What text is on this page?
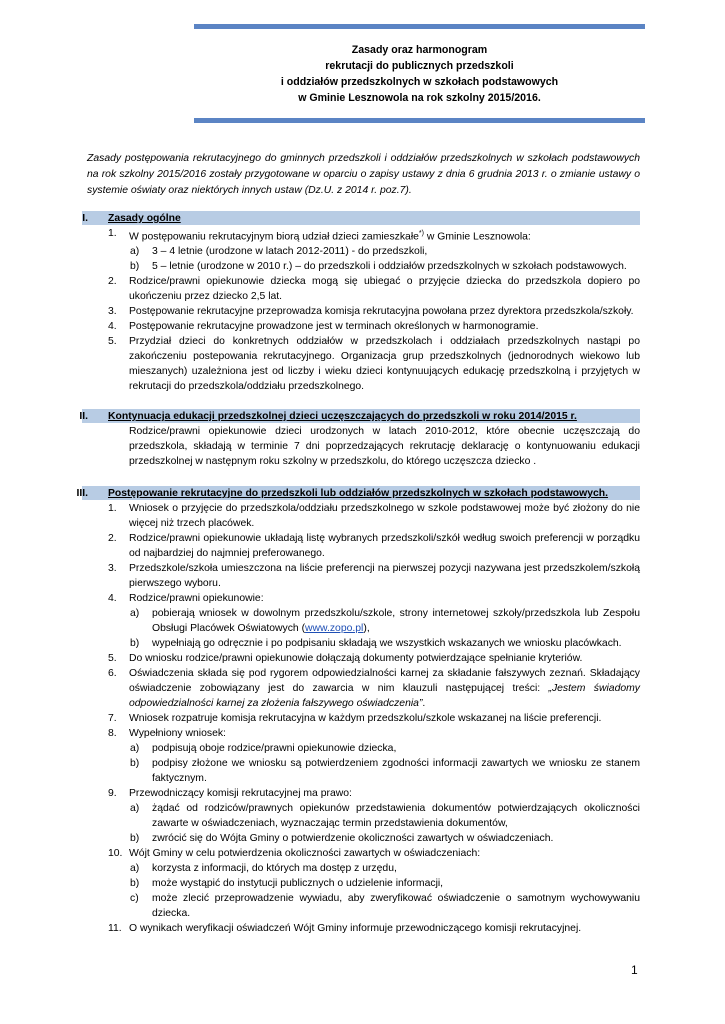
Zasady oraz harmonogram
rekrutacji do publicznych przedszkoli
i oddziałów przedszkolnych w szkołach podstawowych
w Gminie Lesznowola na rok szkolny 2015/2016.
Zasady postępowania rekrutacyjnego do gminnych przedszkoli i oddziałów przedszkolnych w szkołach podstawowych na rok szkolny 2015/2016 zostały przygotowane w oparciu o zapisy ustawy z dnia 6 grudnia 2013 r. o zmianie ustawy o systemie oświaty oraz niektórych innych ustaw (Dz.U. z 2014 r. poz.7).
I. Zasady ogólne
1. W postępowaniu rekrutacyjnym biorą udział dzieci zamieszkałe*) w Gminie Lesznowola:
a) 3 – 4 letnie (urodzone w latach 2012-2011) - do przedszkoli,
b) 5 – letnie (urodzone w 2010 r.) – do przedszkoli i oddziałów przedszkolnych w szkołach podstawowych.
2. Rodzice/prawni opiekunowie dziecka mogą się ubiegać o przyjęcie dziecka do przedszkola dopiero po ukończeniu przez dziecko 2,5 lat.
3. Postępowanie rekrutacyjne przeprowadza komisja rekrutacyjna powołana przez dyrektora przedszkola/szkoły.
4. Postępowanie rekrutacyjne prowadzone jest w terminach określonych w harmonogramie.
5. Przydział dzieci do konkretnych oddziałów w przedszkolach i oddziałach przedszkolnych nastąpi po zakończeniu postepowania rekrutacyjnego. Organizacja grup przedszkolnych (jednorodnych wiekowo lub mieszanych) uzależniona jest od liczby i wieku dzieci kontynuujących edukację przedszkolną i przyjętych w rekrutacji do przedszkola/oddziału przedszkolnego.
II. Kontynuacja edukacji przedszkolnej dzieci uczęszczających do przedszkoli w roku 2014/2015 r.
Rodzice/prawni opiekunowie dzieci urodzonych w latach 2010-2012, które obecnie uczęszczają do przedszkola, składają w terminie 7 dni poprzedzających rekrutację deklarację o kontynuowaniu edukacji przedszkolnej w następnym roku szkolny w przedszkolu, do którego uczęszcza dziecko .
III. Postępowanie rekrutacyjne do przedszkoli lub oddziałów przedszkolnych w szkołach podstawowych.
1. Wniosek o przyjęcie do przedszkola/oddziału przedszkolnego w szkole podstawowej może być złożony do nie więcej niż trzech placówek.
2. Rodzice/prawni opiekunowie układają listę wybranych przedszkoli/szkół według swoich preferencji w porządku od najbardziej do najmniej preferowanego.
3. Przedszkole/szkoła umieszczona na liście preferencji na pierwszej pozycji nazywana jest przedszkolem/szkołą pierwszego wyboru.
4. Rodzice/prawni opiekunowie:
a) pobierają wniosek w dowolnym przedszkolu/szkole, strony internetowej szkoły/przedszkola lub Zespołu Obsługi Placówek Oświatowych (www.zopo.pl),
b) wypełniają go odręcznie i po podpisaniu składają we wszystkich wskazanych we wniosku placówkach.
5. Do wniosku rodzice/prawni opiekunowie dołączają dokumenty potwierdzające spełnianie kryteriów.
6. Oświadczenia składa się pod rygorem odpowiedzialności karnej za składanie fałszywych zeznań. Składający oświadczenie zobowiązany jest do zawarcia w nim klauzuli następującej treści: „Jestem świadomy odpowiedzialności karnej za złożenia fałszywego oświadczenia”.
7. Wniosek rozpatruje komisja rekrutacyjna w każdym przedszkolu/szkole wskazanej na liście preferencji.
8. Wypełniony wniosek:
a) podpisują oboje rodzice/prawni opiekunowie dziecka,
b) podpisy złożone we wniosku są potwierdzeniem zgodności informacji zawartych we wniosku ze stanem faktycznym.
9. Przewodniczący komisji rekrutacyjnej ma prawo:
a) żądać od rodziców/prawnych opiekunów przedstawienia dokumentów potwierdzających okoliczności zawarte w oświadczeniach, wyznaczając termin przedstawienia dokumentów,
b) zwrócić się do Wójta Gminy o potwierdzenie okoliczności zawartych w oświadczeniach.
10. Wójt Gminy w celu potwierdzenia okoliczności zawartych w oświadczeniach:
a) korzysta z informacji, do których ma dostęp z urzędu,
b) może wystąpić do instytucji publicznych o udzielenie informacji,
c) może zlecić przeprowadzenie wywiadu, aby zweryfikować oświadczenie o samotnym wychowywaniu dziecka.
11. O wynikach weryfikacji oświadczeń Wójt Gminy informuje przewodniczącego komisji rekrutacyjnej.
1
